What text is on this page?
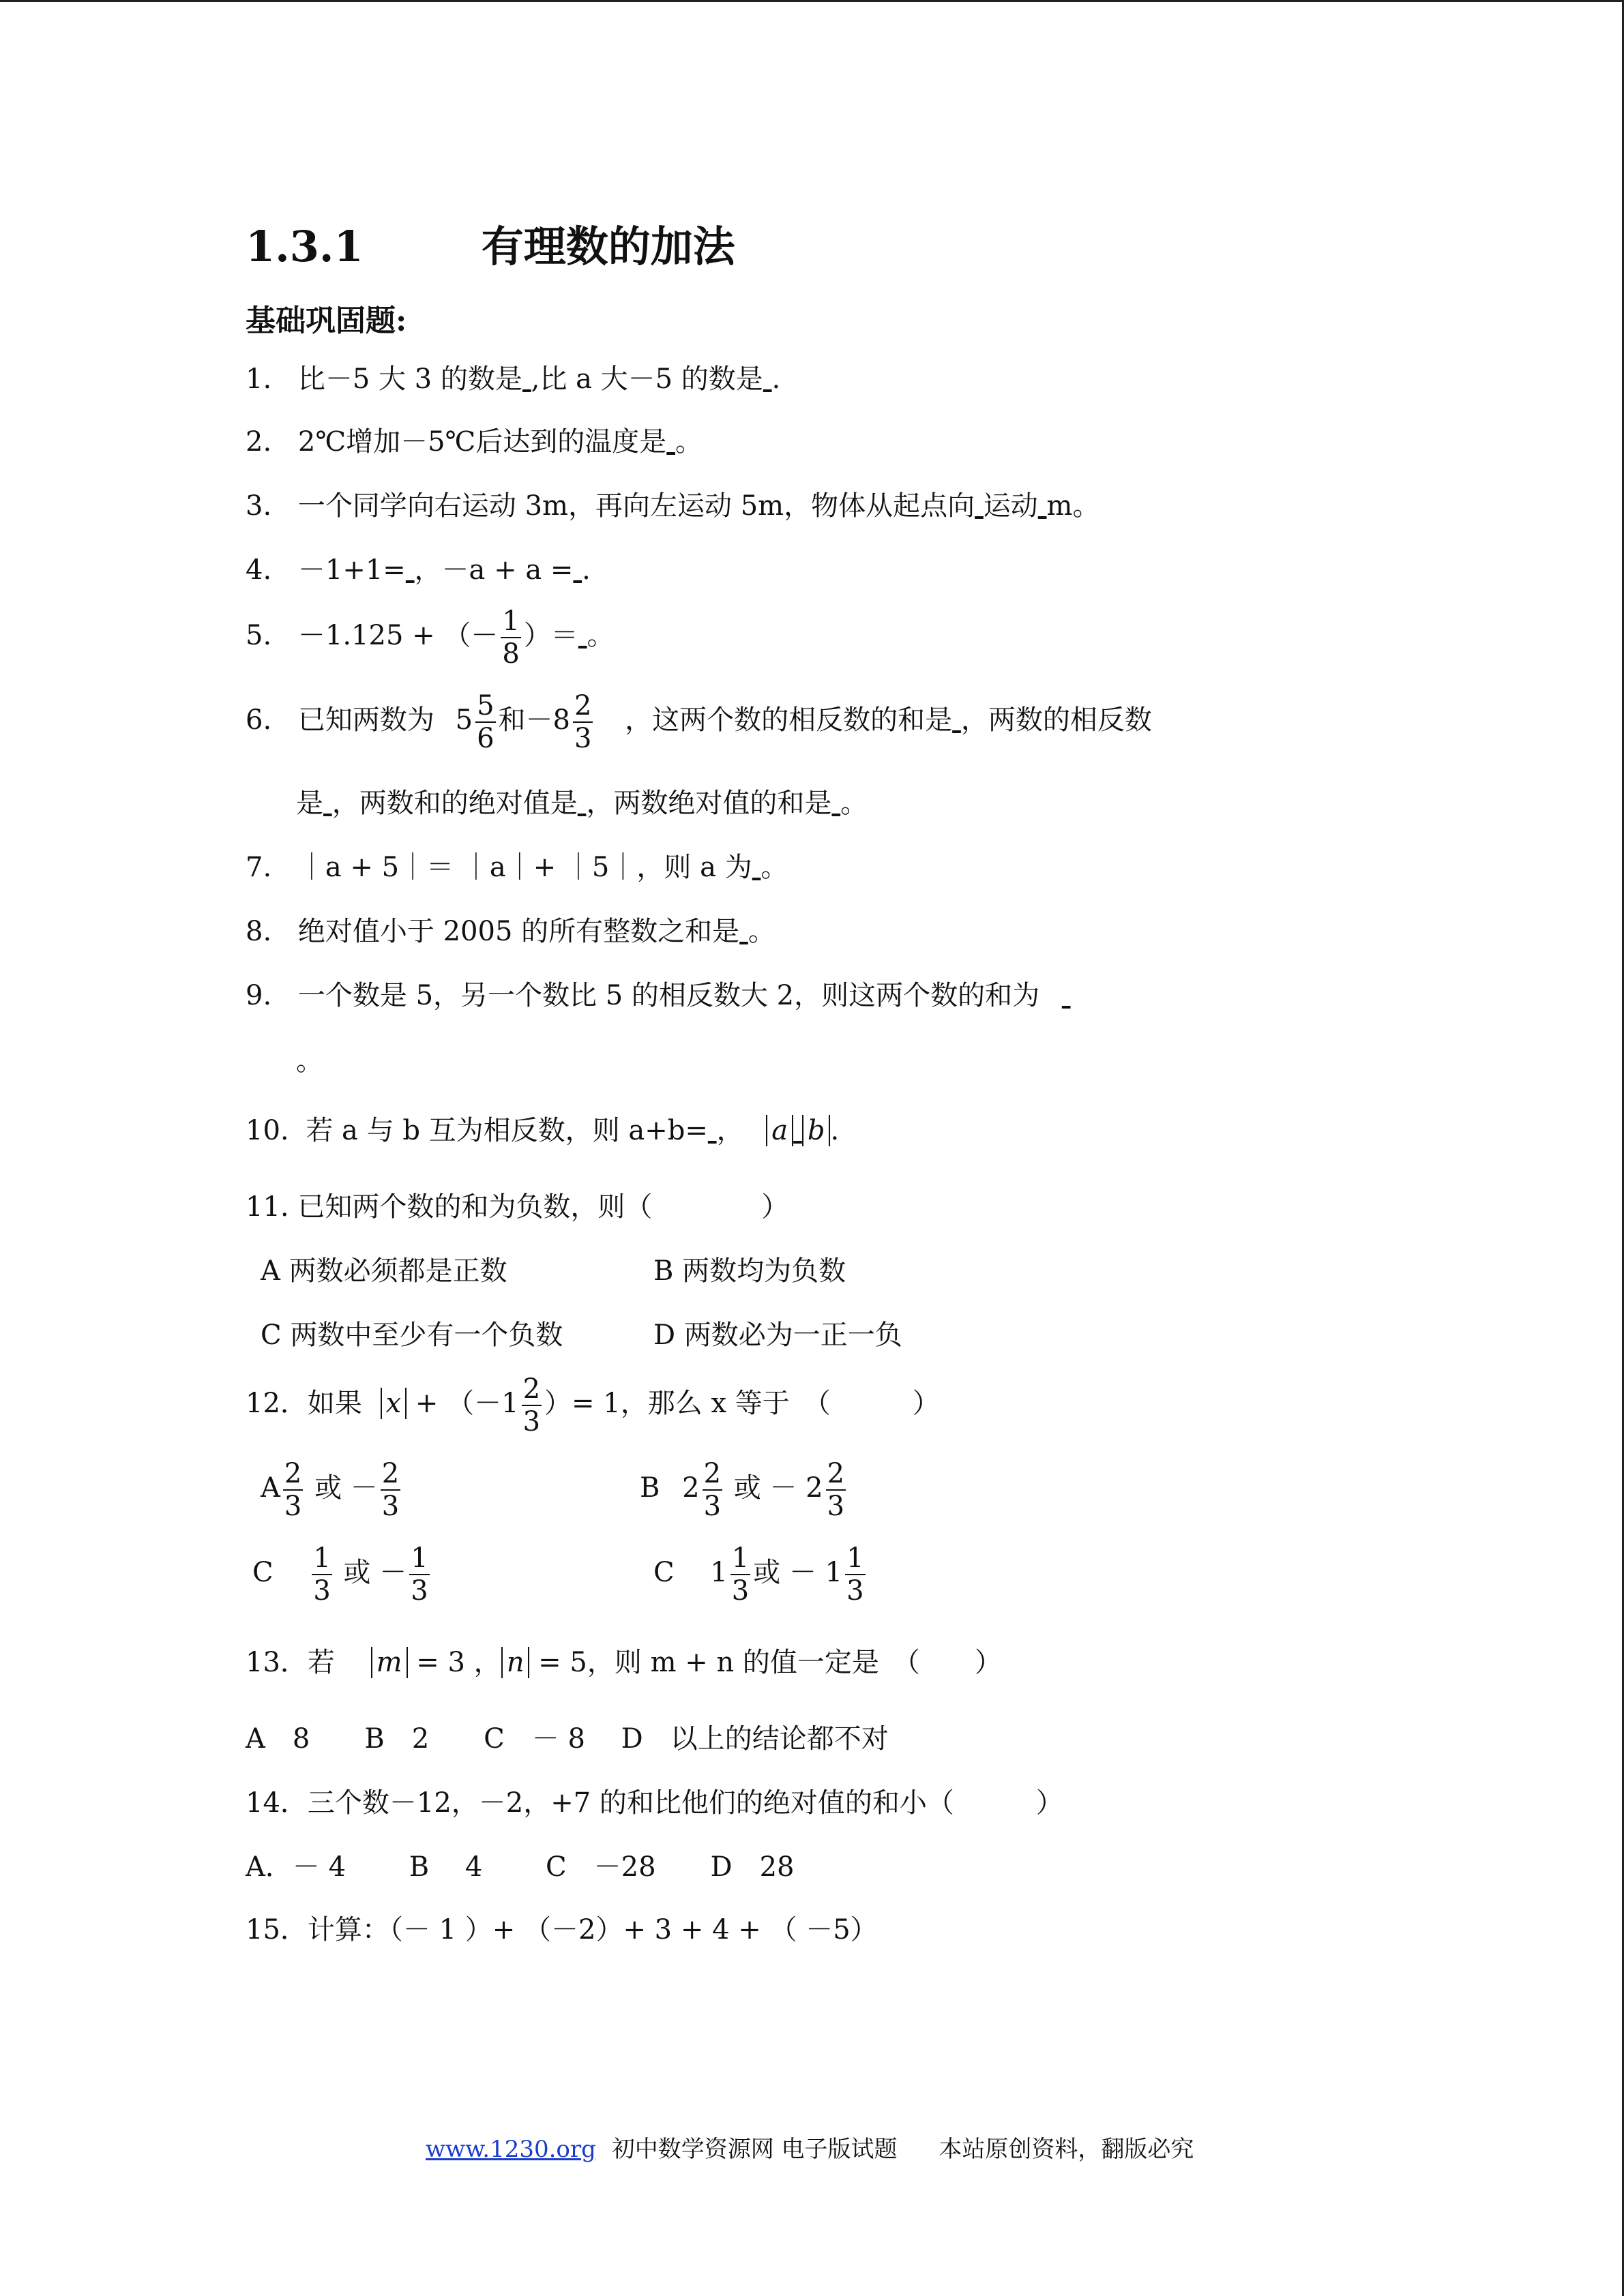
1.3.1	有理数的加法
基础巩固题:
1. 比－5 大 3 的数是 ,比 a 大－5 的数是 .
2. 2℃增加－5℃后达到的温度是 。
3. 一个同学向右运动 3m，再向左运动 5m，物体从起点向 运动 m。
4. －1+1= ，－a + a = .
5. －1.125 + （－ $\frac{1}{8}$ ）＝ 。
6. 已知两数为 $5 \frac{5}{6}$ 和$-8 \frac{2}{3}$ ，这两个数的相反数的和是 ，两数的相反数
是 ，两数和的绝对值是 ，两数绝对值的和是 。
7. ｜a + 5｜＝ ｜a｜+ ｜5｜，则 a 为 。
8. 绝对值小于 2005 的所有整数之和是 。
9. 一个数是 5，另一个数比 5 的相反数大 2，则这两个数的和为
。
10. 若 a 与 b 互为相反数，则 a+b= ， a b .
11. 已知两个数的和为负数，则（　　　　）
A 两数必须都是正数	B 两数均为负数
C 两数中至少有一个负数	D 两数必为一正一负
12．如果 $x + (-1 \frac{2}{3}$ ）= 1，那么 x 等于　（　　　）
A $\frac{2}{3}$ 或 － $\frac{2}{3}$	B $2 \frac{2}{3}$ 或 － $2 \frac{2}{3}$
C $\frac{1}{3}$ 或 － $\frac{1}{3}$	C $1 \frac{1}{3}$ 或 － $1 \frac{1}{3}$
13．若 m = 3 ， n = 5，则 m + n 的值一定是　（　　）
A　8　　B　2　　C　－ 8　 D　以上的结论都不对
14．三个数－12，－2，+7 的和比他们的绝对值的和小（　　　）
A．－ 4　　 B　 4　　 C　－28　　D　28
15．计算：（－ 1 ）+ （－2）+ 3 + 4 + （ －5）
www.1230.org 初中数学资源网 电子版试题 本站原创资料，翻版必究
